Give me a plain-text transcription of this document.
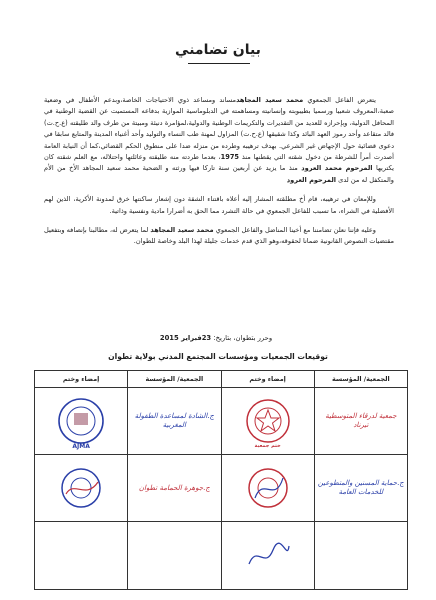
بيان تضامني

يتعرض الفاعل الجمعوي محمد سعيد المجاهدمساند ومساعد ذوي الاحتياجات الخاصة،وبدعم الأطفال في وضعية صعبة،المعروف شعبيا ورسميا بطيبوبته وإنسانيته ومساهمته في الدبلوماسية الموازية بدفاعه المستميت عن القضية الوطنية في المحافل الدولية، وبإحرازه للعديد من التقديرات والتكريمات الوطنية والدولية،لمؤامرة دنيئة ومبيتة من طرف والد طليقته (ع.ح.ت) فالد متقاعد وأحد رموز العهد البائد وكذا شقيقها (ع.ح.ت) المزاول لمهنة طب النساء والتوليد وأحد أغنياء المدينة والمتابع سابقا في دعوى قضائية حول الإجهاض غير الشرعي. بهدف ترهيبه وطرده من منزله ضدا على منطوق الحكم القضائي،كما أن النيابة العامة أصدرت أمراً للشرطة من دخول شقته التي يقطنها منذ 1975، بعدما طردته منه طليقته وعائلتها واحتلاله، مع العلم شقته كان يكتريها المرحوم محمد العرود منذ ما يزيد عن أربعين سنة تاركا فيها ورثته و الضحية محمد سعيد المجاهد الأخ من الأم والمتكفل له من لدى المرحوم العرود

وللإمعان في ترهيبه، قام أخ مطلقته المشار إليه أعلاه باقتناء الشقة دون إشعار ساكنتها خرق لمدونة الأكرية، الذين لهم الأفضلية في الشراء، ما تسبب للفاعل الجمعوي في حالة التشرد مما الحق به أضرارا مادية ونفسية وذاتية.

وعليه فإننا نعلن تضامننا مع أخينا المناضل والفاعل الجمعوي محمد سعيد المجاهد لما يتعرض له، مطالبنا بإنصافه وبتفعيل مقتضيات النصوص القانونية ضمانا لحقوقه،وهو الذي قدم خدمات جليلة لهذا البلد وخاصة للطوان.

وحرر بتطوان، بتاريخ: 23فبراير 2015
توقيعات الجمعيات ومؤسسات المجتمع المدني بولاية تطوان
الجمعية/ المؤسسة	إمضاء وختم	الجمعية/ المؤسسة	إمضاء وختم

جمعية لدرقاء المتوسطية تيرناد	ختم جمعية	ج.الشادة لمساعدة الطفولة المغربية	AJMA

ج.حماية المسنين والمتطوعين للخدمات العامة		ج.جوهرة الحمامة تطوان
